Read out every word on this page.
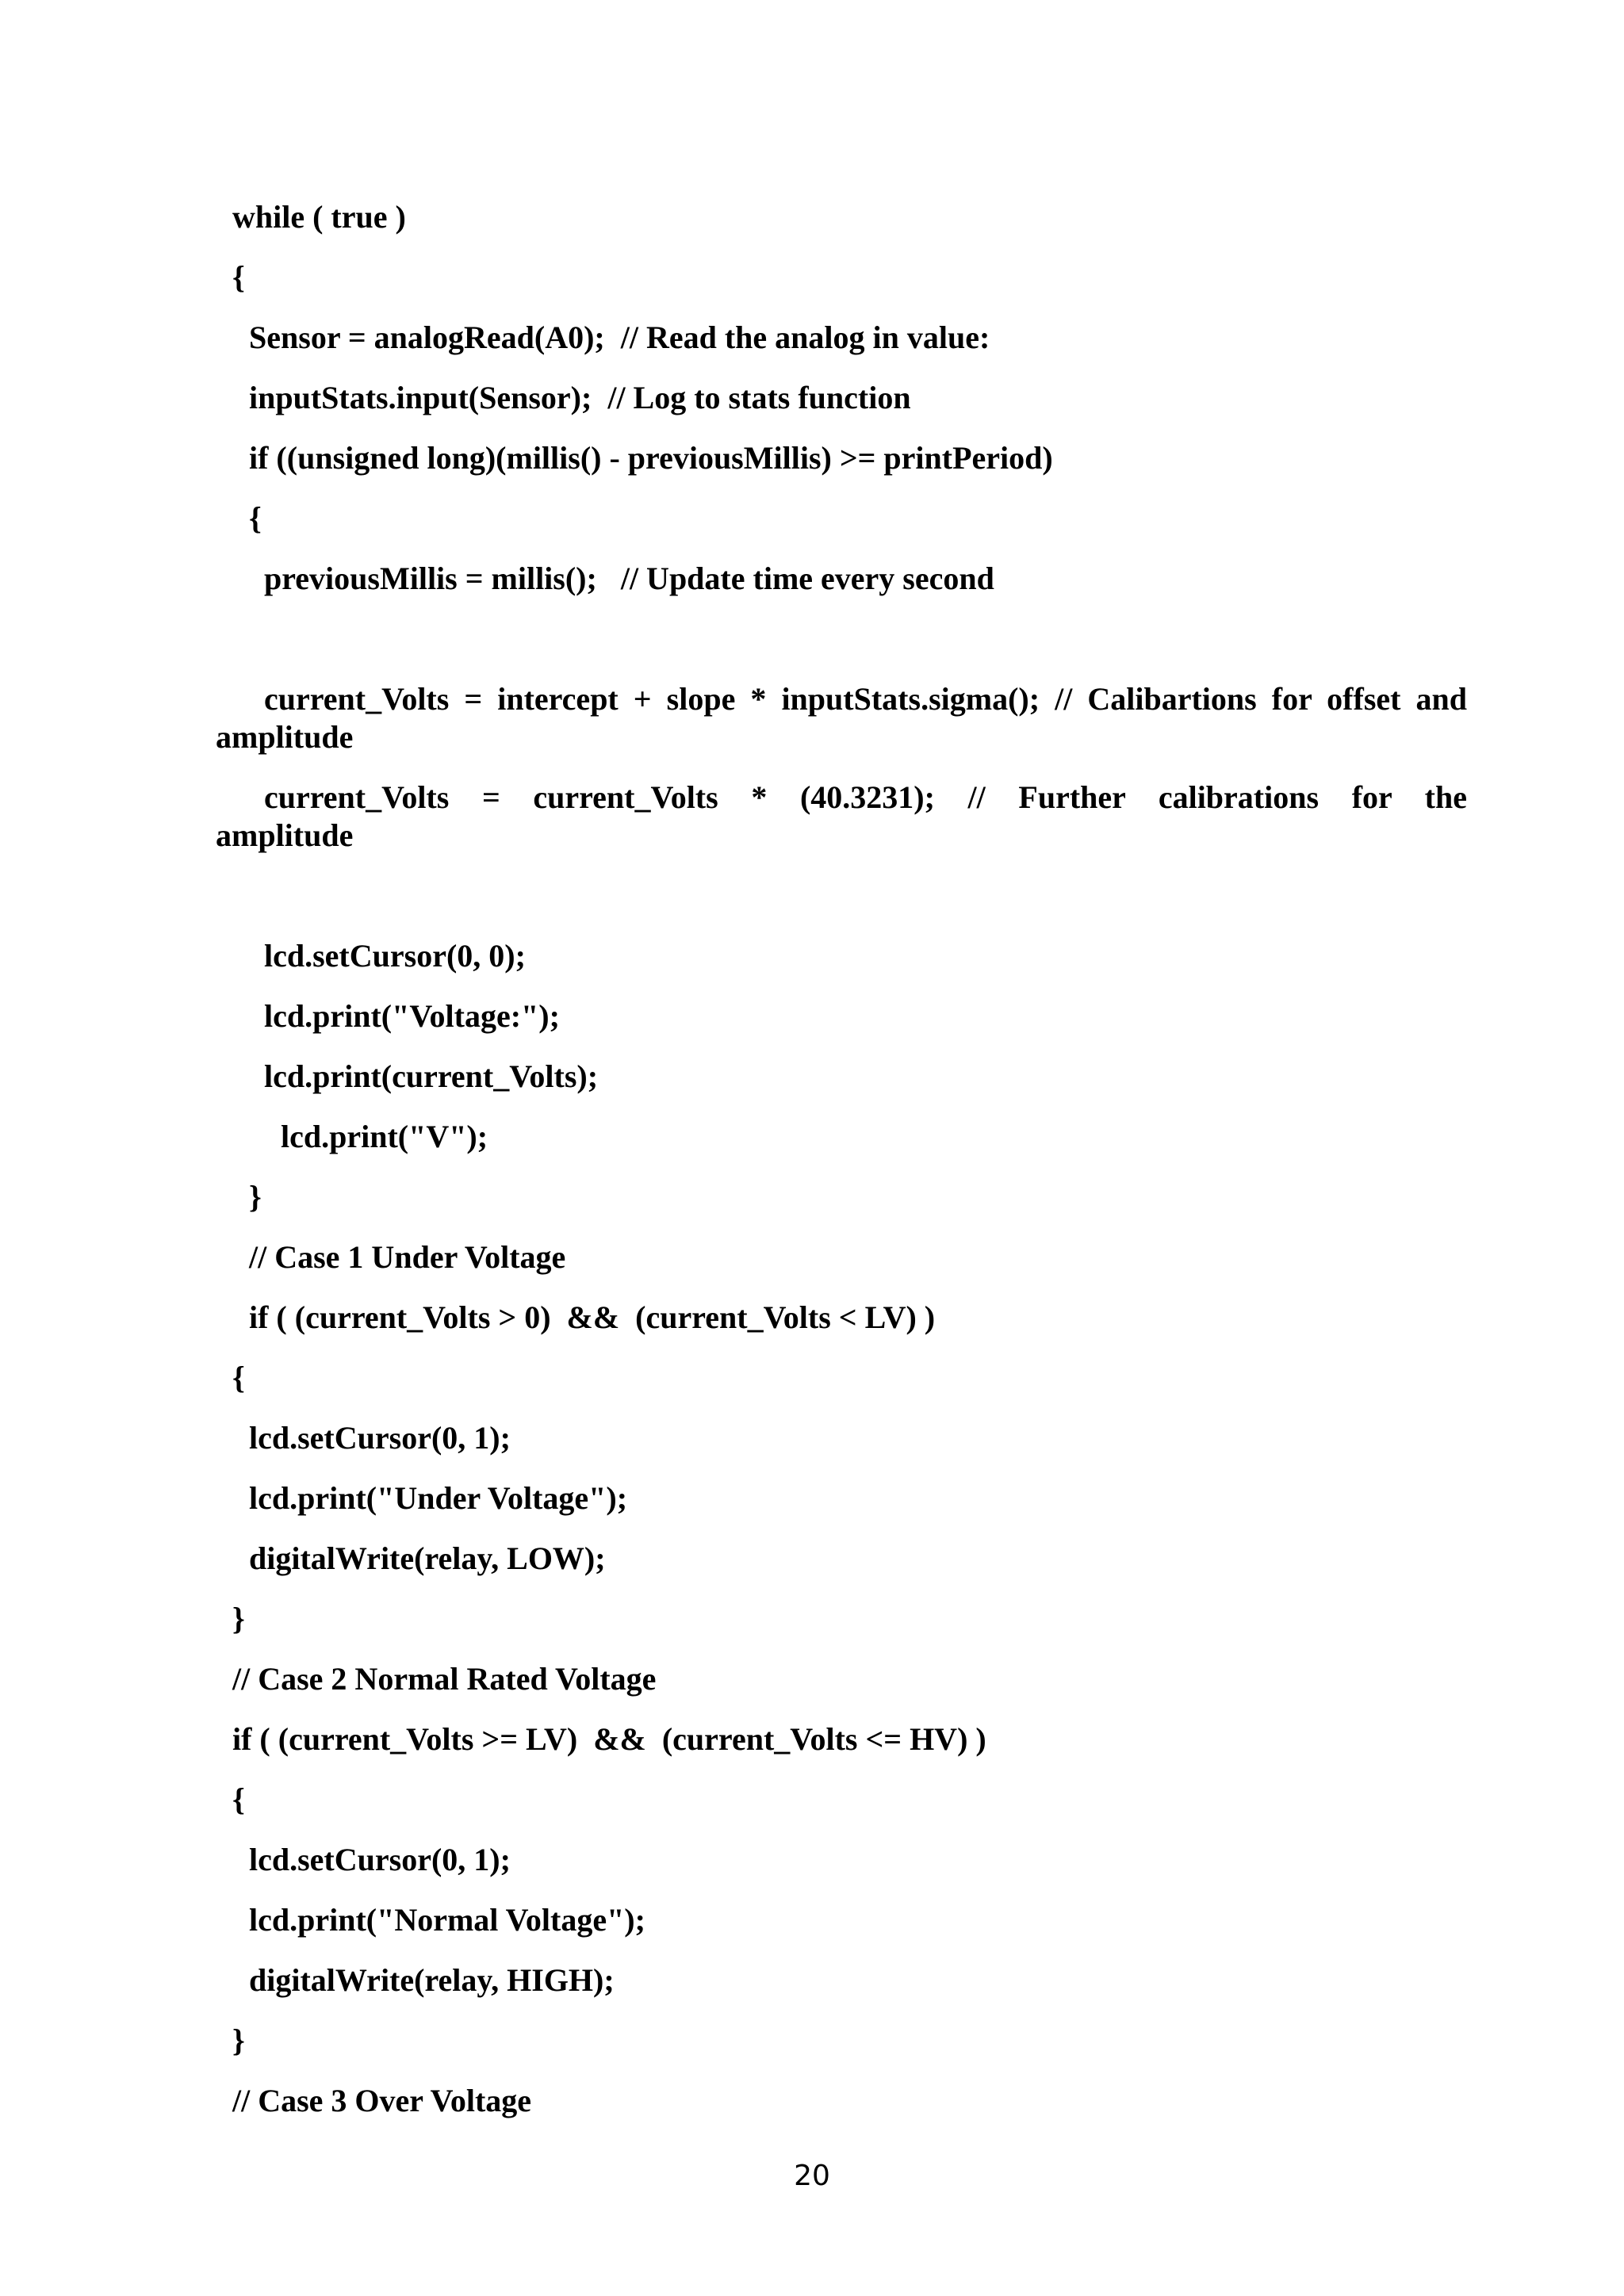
while ( true )
{
Sensor = analogRead(A0);  // Read the analog in value:
inputStats.input(Sensor);  // Log to stats function
if ((unsigned long)(millis() - previousMillis) >= printPeriod)
{
previousMillis = millis();   // Update time every second
current_Volts = intercept + slope * inputStats.sigma(); // Calibartions for offset and
amplitude
current_Volts = current_Volts * (40.3231); // Further calibrations for the
amplitude
lcd.setCursor(0, 0);
lcd.print("Voltage:");
lcd.print(current_Volts);
lcd.print("V");
}
// Case 1 Under Voltage
if ( (current_Volts > 0)  &&  (current_Volts < LV) )
{
lcd.setCursor(0, 1);
lcd.print("Under Voltage");
digitalWrite(relay, LOW);
}
// Case 2 Normal Rated Voltage
if ( (current_Volts >= LV)  &&  (current_Volts <= HV) )
{
lcd.setCursor(0, 1);
lcd.print("Normal Voltage");
digitalWrite(relay, HIGH);
}
// Case 3 Over Voltage
20
